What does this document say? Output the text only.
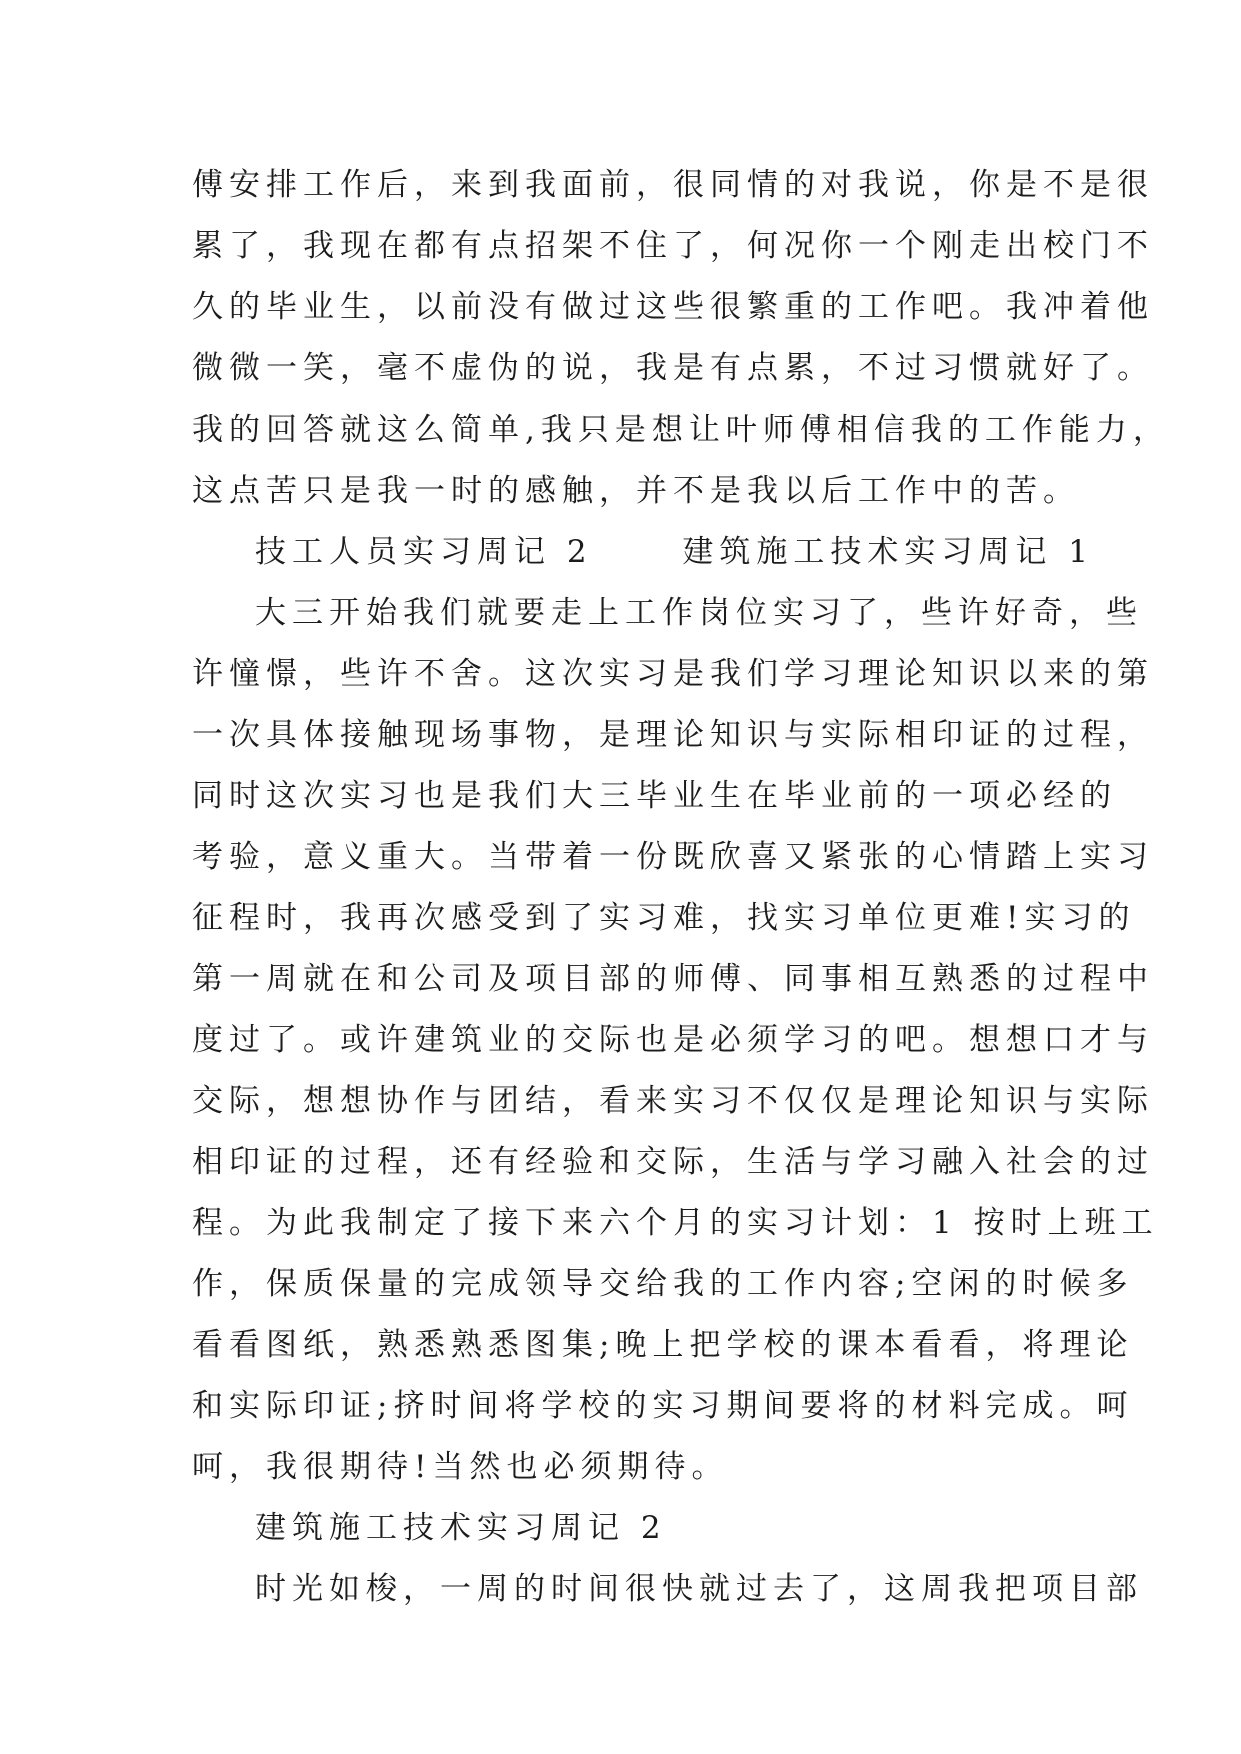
傅安排工作后，来到我面前，很同情的对我说，你是不是很
累了，我现在都有点招架不住了，何况你一个刚走出校门不
久的毕业生，以前没有做过这些很繁重的工作吧。我冲着他
微微一笑，毫不虚伪的说，我是有点累，不过习惯就好了。
我的回答就这么简单,我只是想让叶师傅相信我的工作能力，
这点苦只是我一时的感触，并不是我以后工作中的苦。
技工人员实习周记 2　　 建筑施工技术实习周记 1
大三开始我们就要走上工作岗位实习了，些许好奇，些
许憧憬，些许不舍。这次实习是我们学习理论知识以来的第
一次具体接触现场事物，是理论知识与实际相印证的过程，
同时这次实习也是我们大三毕业生在毕业前的一项必经的
考验，意义重大。当带着一份既欣喜又紧张的心情踏上实习
征程时，我再次感受到了实习难，找实习单位更难!实习的
第一周就在和公司及项目部的师傅、同事相互熟悉的过程中
度过了。或许建筑业的交际也是必须学习的吧。想想口才与
交际，想想协作与团结，看来实习不仅仅是理论知识与实际
相印证的过程，还有经验和交际，生活与学习融入社会的过
程。为此我制定了接下来六个月的实习计划：1 按时上班工
作，保质保量的完成领导交给我的工作内容;空闲的时候多
看看图纸，熟悉熟悉图集;晚上把学校的课本看看，将理论
和实际印证;挤时间将学校的实习期间要将的材料完成。呵
呵，我很期待!当然也必须期待。
建筑施工技术实习周记 2
时光如梭，一周的时间很快就过去了，这周我把项目部
